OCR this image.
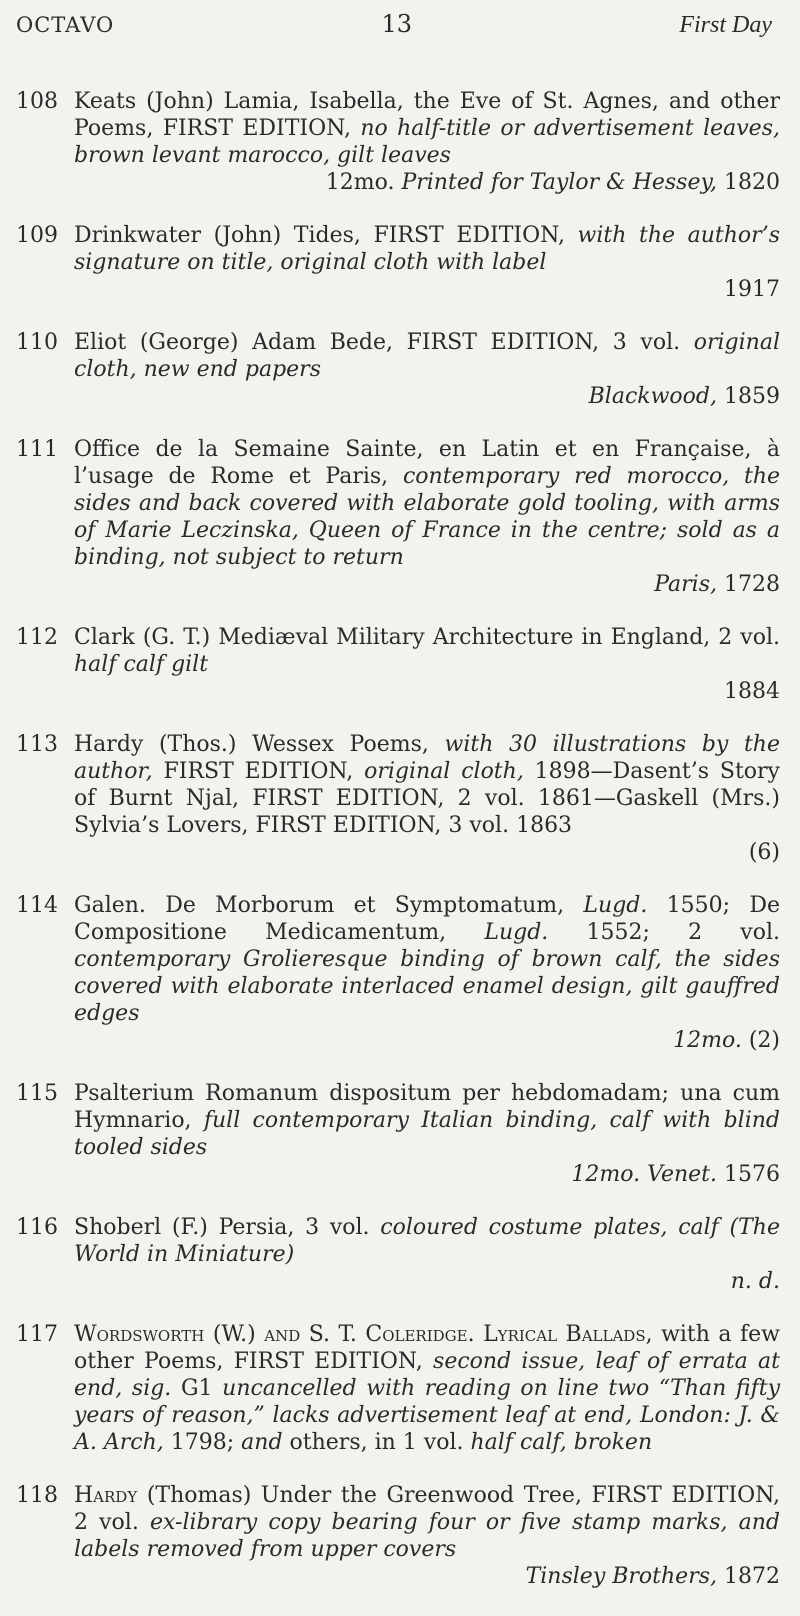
OCTAVO	13	First Day
108 Keats (John) Lamia, Isabella, the Eve of St. Agnes, and other Poems, FIRST EDITION, no half-title or advertisement leaves, brown levant marocco, gilt leaves
12mo. Printed for Taylor & Hessey, 1820
109 Drinkwater (John) Tides, FIRST EDITION, with the author’s signature on title, original cloth with label
1917
110 Eliot (George) Adam Bede, FIRST EDITION, 3 vol. original cloth, new end papers
Blackwood, 1859
111 Office de la Semaine Sainte, en Latin et en Française, à l’usage de Rome et Paris, contemporary red morocco, the sides and back covered with elaborate gold tooling, with arms of Marie Leczinska, Queen of France in the centre; sold as a binding, not subject to return
Paris, 1728
112 Clark (G. T.) Mediæval Military Architecture in England, 2 vol. half calf gilt
1884
113 Hardy (Thos.) Wessex Poems, with 30 illustrations by the author, FIRST EDITION, original cloth, 1898—Dasent’s Story of Burnt Njal, FIRST EDITION, 2 vol. 1861—Gaskell (Mrs.) Sylvia’s Lovers, FIRST EDITION, 3 vol. 1863
(6)
114 Galen. De Morborum et Symptomatum, Lugd. 1550; De Compositione Medicamentum, Lugd. 1552; 2 vol. contemporary Grolieresque binding of brown calf, the sides covered with elaborate interlaced enamel design, gilt gauffred edges
12mo. (2)
115 Psalterium Romanum dispositum per hebdomadam; una cum Hymnario, full contemporary Italian binding, calf with blind tooled sides
12mo. Venet. 1576
116 Shoberl (F.) Persia, 3 vol. coloured costume plates, calf (The World in Miniature)
n. d.
117 Wordsworth (W.) and S. T. Coleridge. Lyrical Ballads, with a few other Poems, FIRST EDITION, second issue, leaf of errata at end, sig. G1 uncancelled with reading on line two “Than fifty years of reason,” lacks advertisement leaf at end, London: J. & A. Arch, 1798; and others, in 1 vol. half calf, broken
118 Hardy (Thomas) Under the Greenwood Tree, FIRST EDITION, 2 vol. ex-library copy bearing four or five stamp marks, and labels removed from upper covers
Tinsley Brothers, 1872
